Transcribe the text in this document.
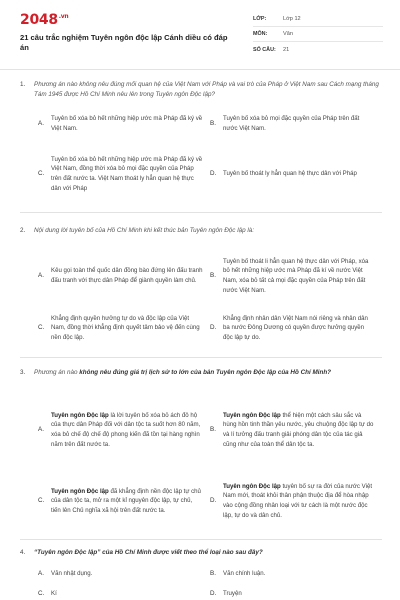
$2048^{.vn}$
21 câu trắc nghiệm Tuyên ngôn độc lập Cánh diều có đáp án
LỚP:	Lớp 12
MÔN:	Văn
SỐ CÂU:	21
1.	Phương án nào không nêu đúng mối quan hệ của Việt Nam với Pháp và vai trò của Pháp ở Việt Nam sau Cách mạng tháng Tám 1945 được Hồ Chí Minh nêu lên trong Tuyên ngôn Độc lập?
A.
Tuyên bố xóa bỏ hết những hiệp ước mà Pháp đã ký về Việt Nam.
B.
Tuyên bố xóa bỏ mọi đặc quyền của Pháp trên đất nước Việt Nam.
C.
Tuyên bố xóa bỏ hết những hiệp ước mà Pháp đã ký về Việt Nam, đồng thời xóa bỏ mọi đặc quyền của Pháp trên đất nước ta. Việt Nam thoát ly hẳn quan hệ thực dân với Pháp
D.	Tuyên bố thoát ly hẳn quan hệ thực dân với Pháp
2.	Nội dung lời tuyên bố của Hồ Chí Minh khi kết thúc bản Tuyên ngôn Độc lập là:
A.
Kêu gọi toàn thể quốc dân đồng bào đứng lên đấu tranh đấu tranh với thực dân Pháp để giành quyền làm chủ.
B.
Tuyên bố thoát li hẳn quan hệ thực dân với Pháp, xóa bỏ hết những hiệp ước mà Pháp đã kí về nước Việt Nam, xóa bỏ tất cả mọi đặc quyền của Pháp trên đất nước Việt Nam.
C.
Khẳng định quyền hưởng tự do và độc lập của Việt Nam, đồng thời khẳng định quyết tâm bảo vệ đến cùng nền độc lập.
D.
Khẳng định nhân dân Việt Nam nói riêng và nhân dân ba nước Đông Dương có quyền được hưởng quyền độc lập tự do.
3.	Phương án nào không nêu đúng giá trị lịch sử to lớn của bản Tuyên ngôn Độc lập của Hồ Chí Minh?
A.
Tuyên ngôn Độc lập là lời tuyên bố xóa bỏ ách đô hộ của thực dân Pháp đối với dân tộc ta suốt hơn 80 năm, xóa bỏ chế độ chế độ phong kiến đã tồn tại hàng nghìn năm trên đất nước ta.
B.
Tuyên ngôn Độc lập thể hiện một cách sâu sắc và hùng hồn tinh thần yêu nước, yêu chuộng độc lập tự do và lí tưởng đấu tranh giải phóng dân tộc của tác giả cũng như của toàn thể dân tộc ta.
C.
Tuyên ngôn Độc lập đã khẳng định nền độc lập tự chủ của dân tộc ta, mở ra một kỉ nguyên độc lập, tự chủ, tiến lên Chủ nghĩa xã hội trên đất nước ta.
D.
Tuyên ngôn Độc lập tuyên bố sự ra đời của nước Việt Nam mới, thoát khỏi thân phận thuộc địa để hòa nhập vào cộng đồng nhân loại với tư cách là một nước độc lập, tự do và dân chủ.
4.	“Tuyên ngôn Độc lập” của Hồ Chí Minh được viết theo thể loại nào sau đây?
A.	Văn nhật dụng.	B.	Văn chính luận.
C.	Kí	D.	Truyện
